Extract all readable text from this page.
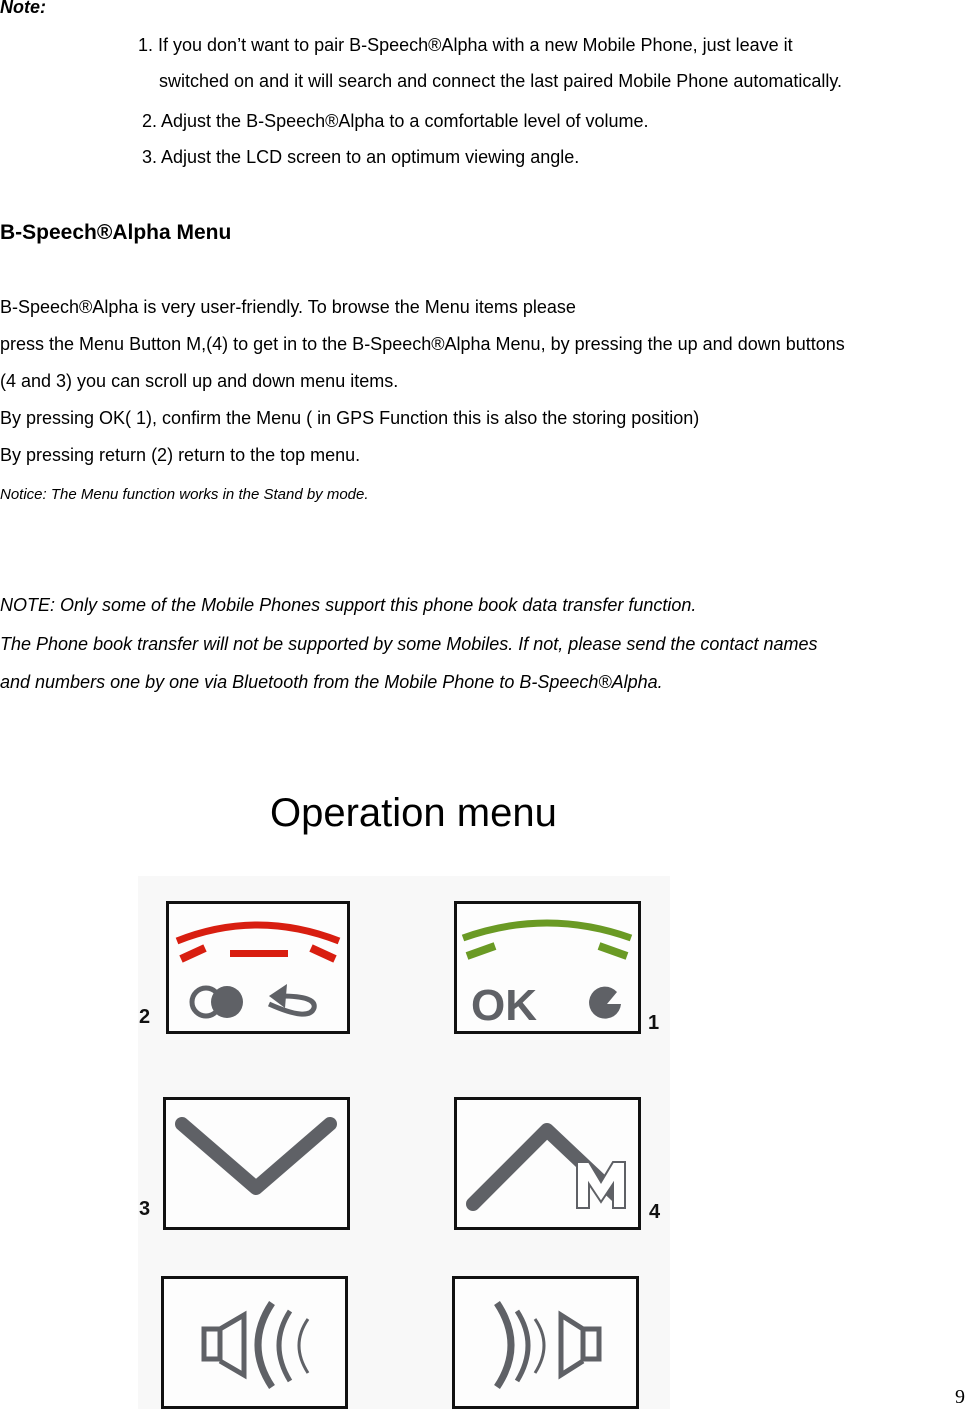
Note:
1. If you don’t want to pair B-Speech®Alpha with a new Mobile Phone, just leave it
switched on and it will search and connect the last paired Mobile Phone automatically.
2. Adjust the B-Speech®Alpha to a comfortable level of volume.
3. Adjust the LCD screen to an optimum viewing angle.
B-Speech®Alpha Menu
B-Speech®Alpha is very user-friendly. To browse the Menu items please
press the Menu Button M,(4) to get in to the B-Speech®Alpha Menu, by pressing the up and down buttons
(4 and 3) you can scroll up and down menu items.
By pressing OK( 1), confirm the Menu ( in GPS Function this is also the storing position)
By pressing return (2) return to the top menu.
Notice: The Menu function works in the Stand by mode.
NOTE: Only some of the Mobile Phones support this phone book data transfer function.
The Phone book transfer will not be supported by some Mobiles. If not, please send the contact names
and numbers one by one via Bluetooth from the Mobile Phone to B-Speech®Alpha.
Operation menu
2	OK	1
3	4
9
